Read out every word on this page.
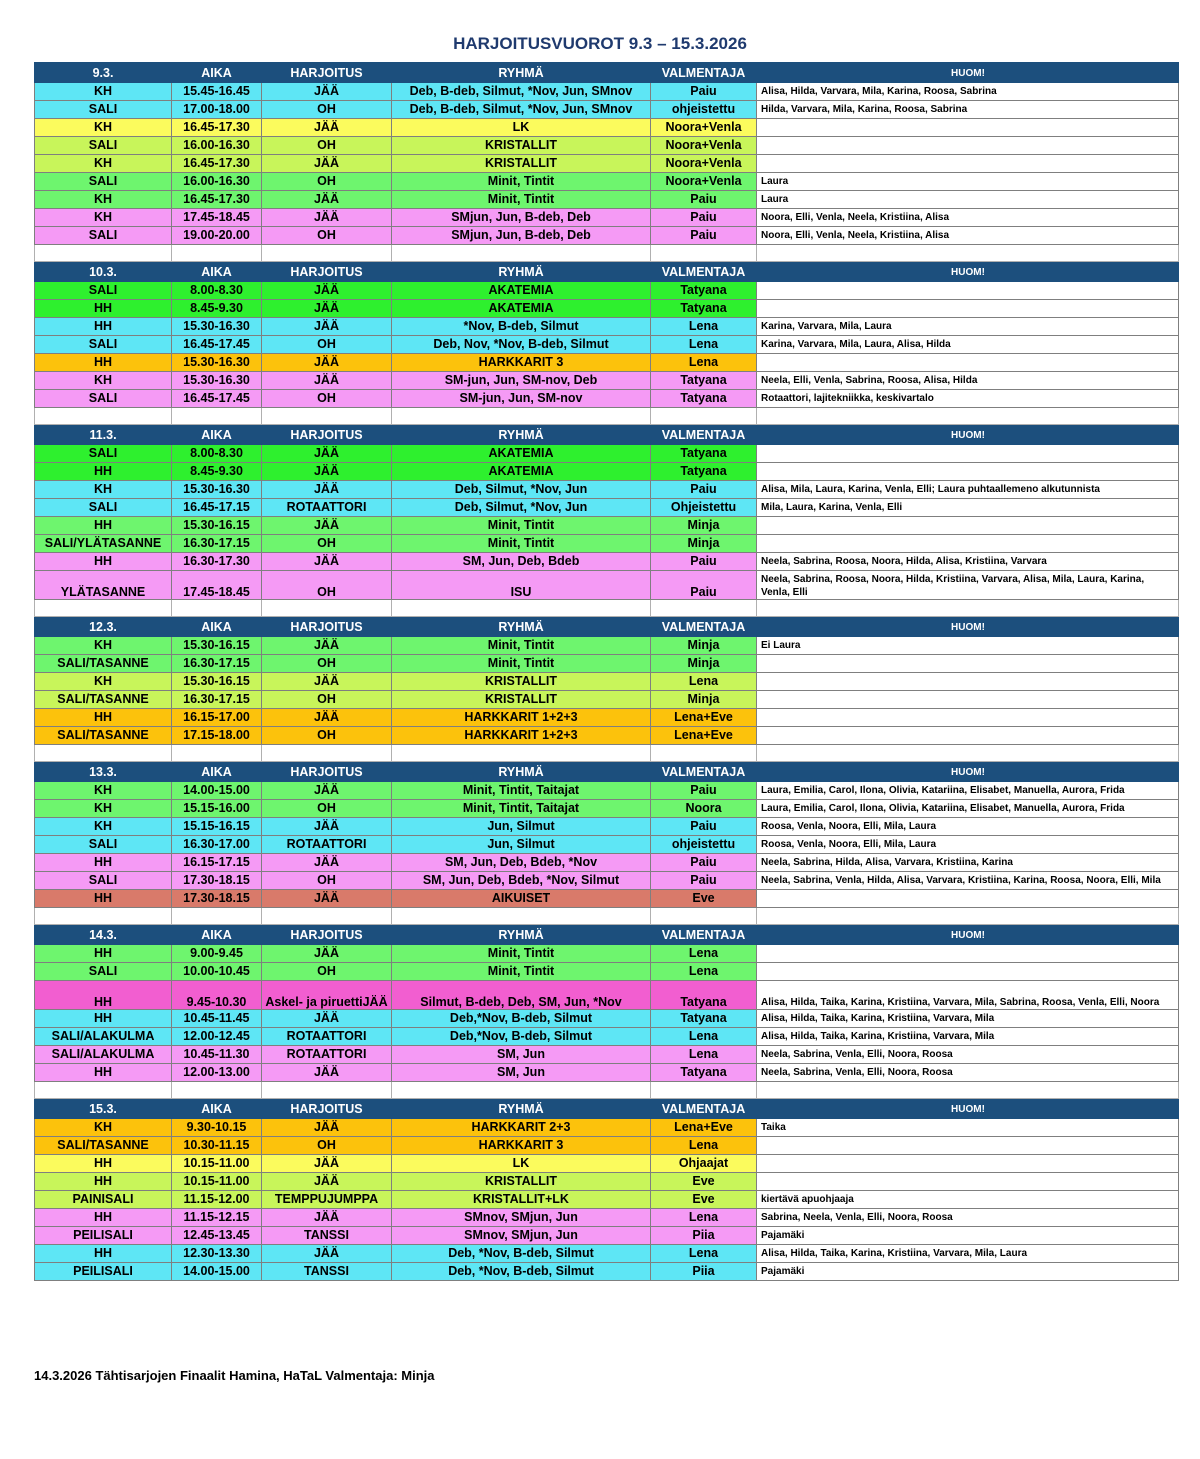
HARJOITUSVUOROT 9.3 – 15.3.2026
9.3.	AIKA	HARJOITUS	RYHMÄ	VALMENTAJA	HUOM!
KH	15.45-16.45	JÄÄ	Deb, B-deb, Silmut, *Nov, Jun, SMnov	Paiu	Alisa, Hilda, Varvara, Mila, Karina, Roosa, Sabrina
SALI	17.00-18.00	OH	Deb, B-deb, Silmut, *Nov, Jun, SMnov	ohjeistettu	Hilda, Varvara, Mila, Karina, Roosa, Sabrina
KH	16.45-17.30	JÄÄ	LK	Noora+Venla	
SALI	16.00-16.30	OH	KRISTALLIT	Noora+Venla	
KH	16.45-17.30	JÄÄ	KRISTALLIT	Noora+Venla	
SALI	16.00-16.30	OH	Minit, Tintit	Noora+Venla	Laura
KH	16.45-17.30	JÄÄ	Minit, Tintit	Paiu	Laura
KH	17.45-18.45	JÄÄ	SMjun, Jun, B-deb, Deb	Paiu	Noora, Elli, Venla, Neela, Kristiina, Alisa
SALI	19.00-20.00	OH	SMjun, Jun, B-deb, Deb	Paiu	Noora, Elli, Venla, Neela, Kristiina, Alisa

10.3.	AIKA	HARJOITUS	RYHMÄ	VALMENTAJA	HUOM!
SALI	8.00-8.30	JÄÄ	AKATEMIA	Tatyana	
HH	8.45-9.30	JÄÄ	AKATEMIA	Tatyana	
HH	15.30-16.30	JÄÄ	*Nov, B-deb, Silmut	Lena	Karina, Varvara, Mila, Laura
SALI	16.45-17.45	OH	Deb, Nov, *Nov, B-deb, Silmut	Lena	Karina, Varvara, Mila, Laura, Alisa, Hilda
HH	15.30-16.30	JÄÄ	HARKKARIT 3	Lena	
KH	15.30-16.30	JÄÄ	SM-jun, Jun, SM-nov, Deb	Tatyana	Neela, Elli, Venla, Sabrina, Roosa, Alisa, Hilda
SALI	16.45-17.45	OH	SM-jun, Jun, SM-nov	Tatyana	Rotaattori, lajitekniikka, keskivartalo

11.3.	AIKA	HARJOITUS	RYHMÄ	VALMENTAJA	HUOM!
SALI	8.00-8.30	JÄÄ	AKATEMIA	Tatyana	
HH	8.45-9.30	JÄÄ	AKATEMIA	Tatyana	
KH	15.30-16.30	JÄÄ	Deb, Silmut, *Nov, Jun	Paiu	Alisa, Mila, Laura, Karina, Venla, Elli; Laura puhtaallemeno alkutunnista
SALI	16.45-17.15	ROTAATTORI	Deb, Silmut, *Nov, Jun	Ohjeistettu	Mila, Laura, Karina, Venla, Elli
HH	15.30-16.15	JÄÄ	Minit, Tintit	Minja	
SALI/YLÄTASANNE	16.30-17.15	OH	Minit, Tintit	Minja	
HH	16.30-17.30	JÄÄ	SM, Jun, Deb, Bdeb	Paiu	Neela, Sabrina, Roosa, Noora, Hilda, Alisa, Kristiina, Varvara
YLÄTASANNE	17.45-18.45	OH	ISU	Paiu	Neela, Sabrina, Roosa, Noora, Hilda, Kristiina, Varvara, Alisa, Mila, Laura, Karina, Venla, Elli

12.3.	AIKA	HARJOITUS	RYHMÄ	VALMENTAJA	HUOM!
KH	15.30-16.15	JÄÄ	Minit, Tintit	Minja	Ei Laura
SALI/TASANNE	16.30-17.15	OH	Minit, Tintit	Minja	
KH	15.30-16.15	JÄÄ	KRISTALLIT	Lena	
SALI/TASANNE	16.30-17.15	OH	KRISTALLIT	Minja	
HH	16.15-17.00	JÄÄ	HARKKARIT 1+2+3	Lena+Eve	
SALI/TASANNE	17.15-18.00	OH	HARKKARIT 1+2+3	Lena+Eve	

13.3.	AIKA	HARJOITUS	RYHMÄ	VALMENTAJA	HUOM!
KH	14.00-15.00	JÄÄ	Minit, Tintit, Taitajat	Paiu	Laura, Emilia, Carol, Ilona, Olivia, Katariina, Elisabet, Manuella, Aurora, Frida
KH	15.15-16.00	OH	Minit, Tintit, Taitajat	Noora	Laura, Emilia, Carol, Ilona, Olivia, Katariina, Elisabet, Manuella, Aurora, Frida
KH	15.15-16.15	JÄÄ	Jun, Silmut	Paiu	Roosa, Venla, Noora, Elli, Mila, Laura
SALI	16.30-17.00	ROTAATTORI	Jun, Silmut	ohjeistettu	Roosa, Venla, Noora, Elli, Mila, Laura
HH	16.15-17.15	JÄÄ	SM, Jun, Deb, Bdeb, *Nov	Paiu	Neela, Sabrina, Hilda, Alisa, Varvara, Kristiina, Karina
SALI	17.30-18.15	OH	SM, Jun, Deb, Bdeb, *Nov, Silmut	Paiu	Neela, Sabrina, Venla, Hilda, Alisa, Varvara, Kristiina, Karina, Roosa, Noora, Elli, Mila
HH	17.30-18.15	JÄÄ	AIKUISET	Eve	

14.3.	AIKA	HARJOITUS	RYHMÄ	VALMENTAJA	HUOM!
HH	9.00-9.45	JÄÄ	Minit, Tintit	Lena	
SALI	10.00-10.45	OH	Minit, Tintit	Lena	
HH	9.45-10.30	Askel- ja piruettiJÄÄ	Silmut, B-deb, Deb, SM, Jun, *Nov	Tatyana	Alisa, Hilda, Taika, Karina, Kristiina, Varvara, Mila, Sabrina, Roosa, Venla, Elli, Noora
HH	10.45-11.45	JÄÄ	Deb,*Nov, B-deb, Silmut	Tatyana	Alisa, Hilda, Taika, Karina, Kristiina, Varvara, Mila
SALI/ALAKULMA	12.00-12.45	ROTAATTORI	Deb,*Nov, B-deb, Silmut	Lena	Alisa, Hilda, Taika, Karina, Kristiina, Varvara, Mila
SALI/ALAKULMA	10.45-11.30	ROTAATTORI	SM, Jun	Lena	Neela, Sabrina, Venla, Elli, Noora, Roosa
HH	12.00-13.00	JÄÄ	SM, Jun	Tatyana	Neela, Sabrina, Venla, Elli, Noora, Roosa

15.3.	AIKA	HARJOITUS	RYHMÄ	VALMENTAJA	HUOM!
KH	9.30-10.15	JÄÄ	HARKKARIT 2+3	Lena+Eve	Taika
SALI/TASANNE	10.30-11.15	OH	HARKKARIT 3	Lena	
HH	10.15-11.00	JÄÄ	LK	Ohjaajat	
HH	10.15-11.00	JÄÄ	KRISTALLIT	Eve	
PAINISALI	11.15-12.00	TEMPPUJUMPPA	KRISTALLIT+LK	Eve	kiertävä apuohjaaja
HH	11.15-12.15	JÄÄ	SMnov, SMjun, Jun	Lena	Sabrina, Neela, Venla, Elli, Noora, Roosa
PEILISALI	12.45-13.45	TANSSI	SMnov, SMjun, Jun	Piia	Pajamäki
HH	12.30-13.30	JÄÄ	Deb, *Nov, B-deb, Silmut	Lena	Alisa, Hilda, Taika, Karina, Kristiina, Varvara, Mila, Laura
PEILISALI	14.00-15.00	TANSSI	Deb, *Nov, B-deb, Silmut	Piia	Pajamäki
14.3.2026 Tähtisarjojen Finaalit Hamina, HaTaL Valmentaja: Minja
